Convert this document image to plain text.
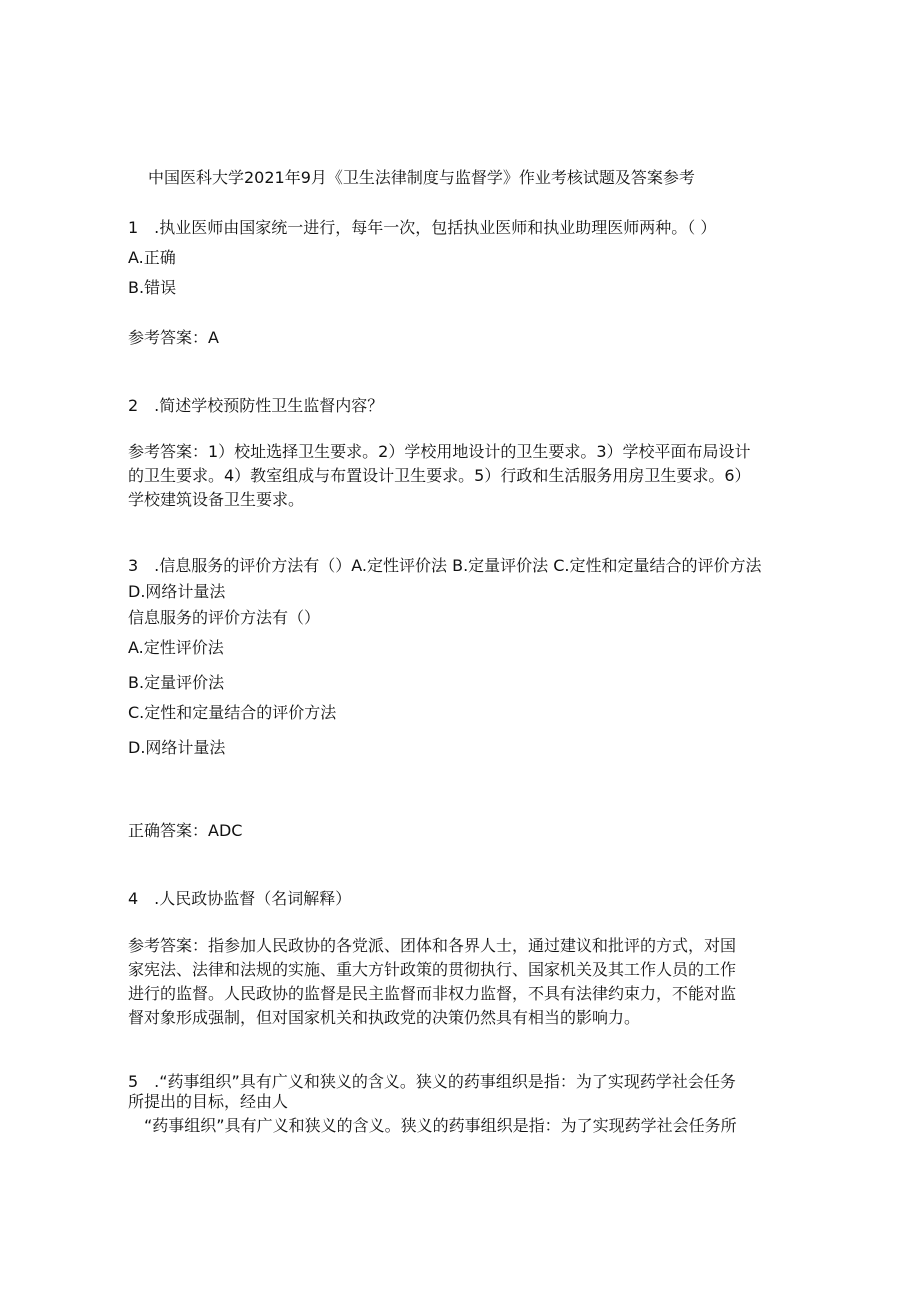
中国医科大学2021年9月《卫生法律制度与监督学》作业考核试题及答案参考

1　.执业医师由国家统一进行，每年一次，包括执业医师和执业助理医师两种。（ ）

A.正确

B.错误

参考答案：A

2　.简述学校预防性卫生监督内容？

参考答案：1）校址选择卫生要求。2）学校用地设计的卫生要求。3）学校平面布局设计

的卫生要求。4）教室组成与布置设计卫生要求。5）行政和生活服务用房卫生要求。6）

学校建筑设备卫生要求。

3　.信息服务的评价方法有（）A.定性评价法 B.定量评价法 C.定性和定量结合的评价方法

D.网络计量法

信息服务的评价方法有（）

A.定性评价法

B.定量评价法

C.定性和定量结合的评价方法

D.网络计量法

正确答案：ADC

4　.人民政协监督（名词解释）

参考答案：指参加人民政协的各党派、团体和各界人士，通过建议和批评的方式，对国

家宪法、法律和法规的实施、重大方针政策的贯彻执行、国家机关及其工作人员的工作

进行的监督。人民政协的监督是民主监督而非权力监督，不具有法律约束力，不能对监

督对象形成强制，但对国家机关和执政党的决策仍然具有相当的影响力。

5　.“药事组织”具有广义和狭义的含义。狭义的药事组织是指：为了实现药学社会任务

所提出的目标，经由人

　“药事组织”具有广义和狭义的含义。狭义的药事组织是指：为了实现药学社会任务所
